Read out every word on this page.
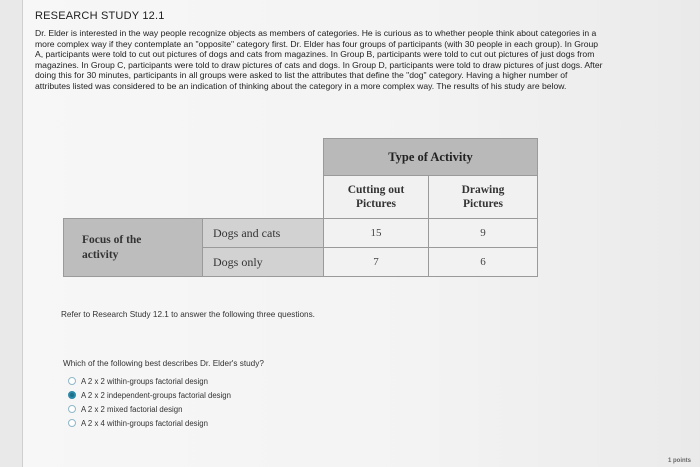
RESEARCH STUDY 12.1
Dr. Elder is interested in the way people recognize objects as members of categories. He is curious as to whether people think about categories in a more complex way if they contemplate an "opposite" category first. Dr. Elder has four groups of participants (with 30 people in each group). In Group A, participants were told to cut out pictures of dogs and cats from magazines. In Group B, participants were told to cut out pictures of just dogs from magazines. In Group C, participants were told to draw pictures of cats and dogs. In Group D, participants were told to draw pictures of just dogs. After doing this for 30 minutes, participants in all groups were asked to list the attributes that define the "dog" category. Having a higher number of attributes listed was considered to be an indication of thinking about the category in a more complex way. The results of his study are below.
		Type of Activity	
		Cutting out Pictures	Drawing Pictures
Focus of the activity	Dogs and cats	15	9
	Dogs only	7	6
Refer to Research Study 12.1 to answer the following three questions.
Which of the following best describes Dr. Elder's study?
A 2 x 2 within-groups factorial design
A 2 x 2 independent-groups factorial design
A 2 x 2 mixed factorial design
A 2 x 4 within-groups factorial design
1 points
